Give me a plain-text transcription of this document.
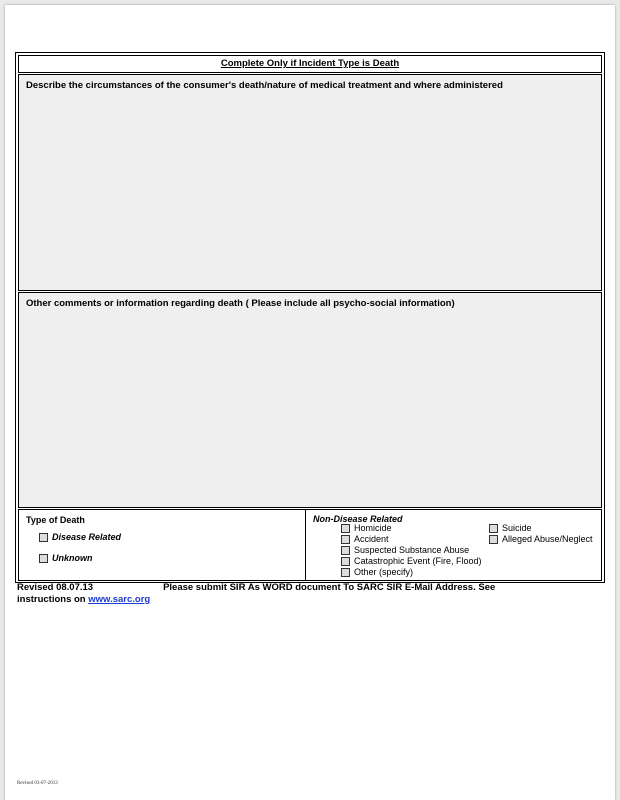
Complete Only if Incident Type is Death
Describe the circumstances of the consumer's death/nature of medical treatment and where administered
Other comments or information regarding death ( Please include all psycho-social information)
Type of Death
Disease Related
Unknown
Non-Disease Related
Homicide
Accident
Suspected Substance Abuse
Catastrophic Event (Fire, Flood)
Other (specify)
Suicide
Alleged Abuse/Neglect
Revised 08.07.13	Please submit SIR As WORD document To SARC SIR E-Mail Address. See
instructions on www.sarc.org
Revised 03-07-2013
